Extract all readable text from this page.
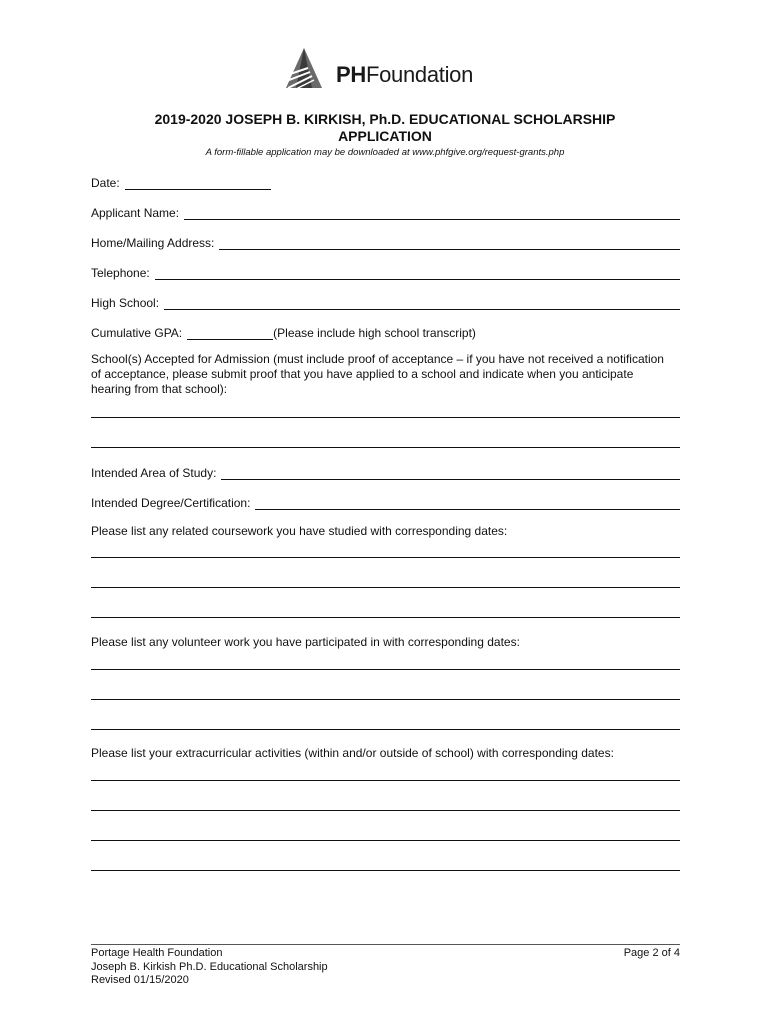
PHFoundation
2019-2020 JOSEPH B. KIRKISH, Ph.D. EDUCATIONAL SCHOLARSHIP
APPLICATION
A form-fillable application may be downloaded at www.phfgive.org/request-grants.php
Date:
Applicant Name:
Home/Mailing Address:
Telephone:
High School:
Cumulative GPA:	(Please include high school transcript)
School(s) Accepted for Admission (must include proof of acceptance – if you have not received a notification
of acceptance, please submit proof that you have applied to a school and indicate when you anticipate
hearing from that school):
Intended Area of Study:
Intended Degree/Certification:
Please list any related coursework you have studied with corresponding dates:
Please list any volunteer work you have participated in with corresponding dates:
Please list your extracurricular activities (within and/or outside of school) with corresponding dates:
Portage Health Foundation
Joseph B. Kirkish Ph.D. Educational Scholarship
Revised 01/15/2020
Page 2 of 4
